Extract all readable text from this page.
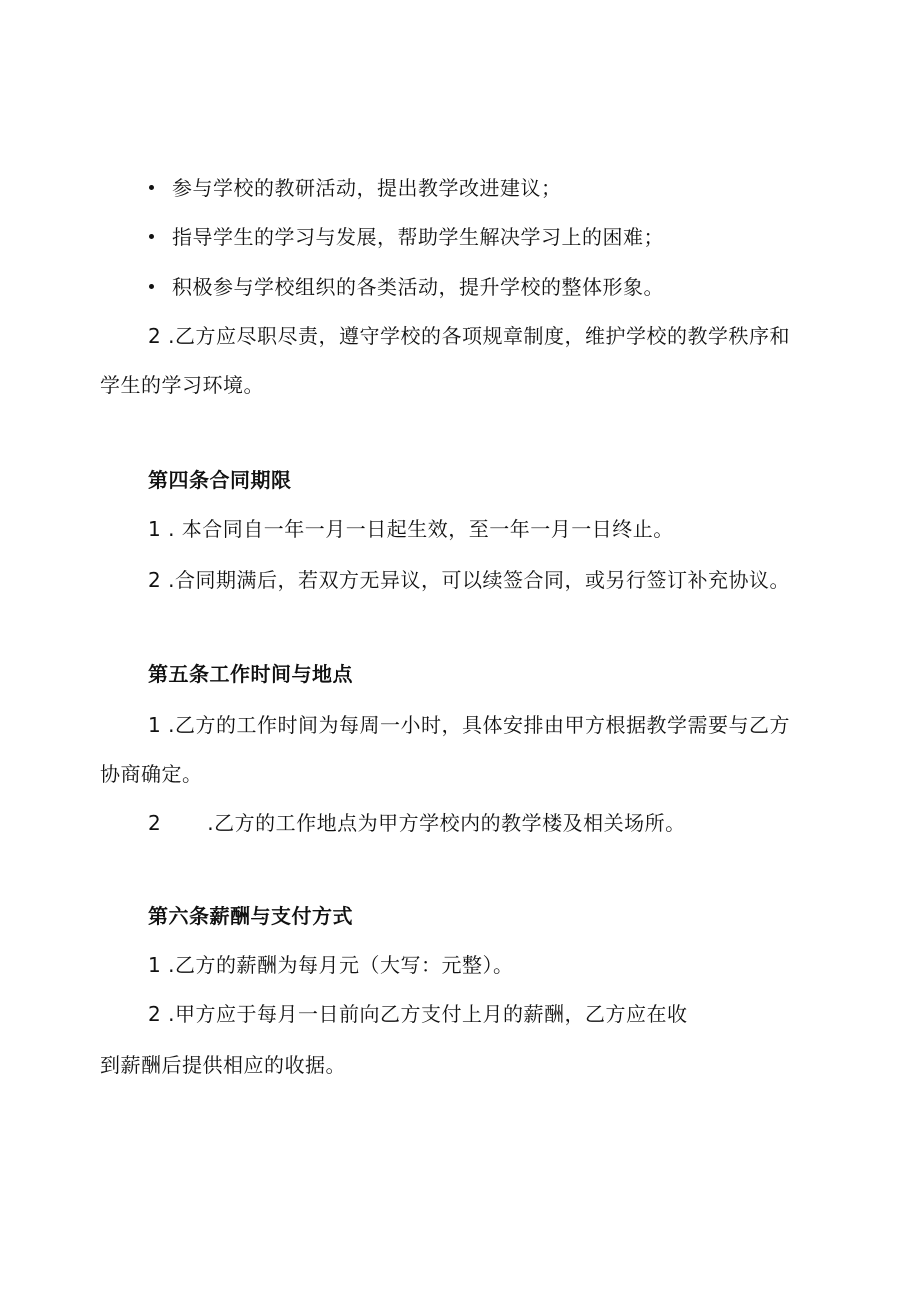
参与学校的教研活动，提出教学改进建议；
指导学生的学习与发展，帮助学生解决学习上的困难；
积极参与学校组织的各类活动，提升学校的整体形象。
2 .乙方应尽职尽责，遵守学校的各项规章制度，维护学校的教学秩序和
学生的学习环境。
第四条合同期限
1 . 本合同自一年一月一日起生效，至一年一月一日终止。
2 .合同期满后，若双方无异议，可以续签合同，或另行签订补充协议。
第五条工作时间与地点
1 .乙方的工作时间为每周一小时，具体安排由甲方根据教学需要与乙方
协商确定。
2 .乙方的工作地点为甲方学校内的教学楼及相关场所。
第六条薪酬与支付方式
1 .乙方的薪酬为每月元（大写：元整）。
2 .甲方应于每月一日前向乙方支付上月的薪酬，乙方应在收
到薪酬后提供相应的收据。
